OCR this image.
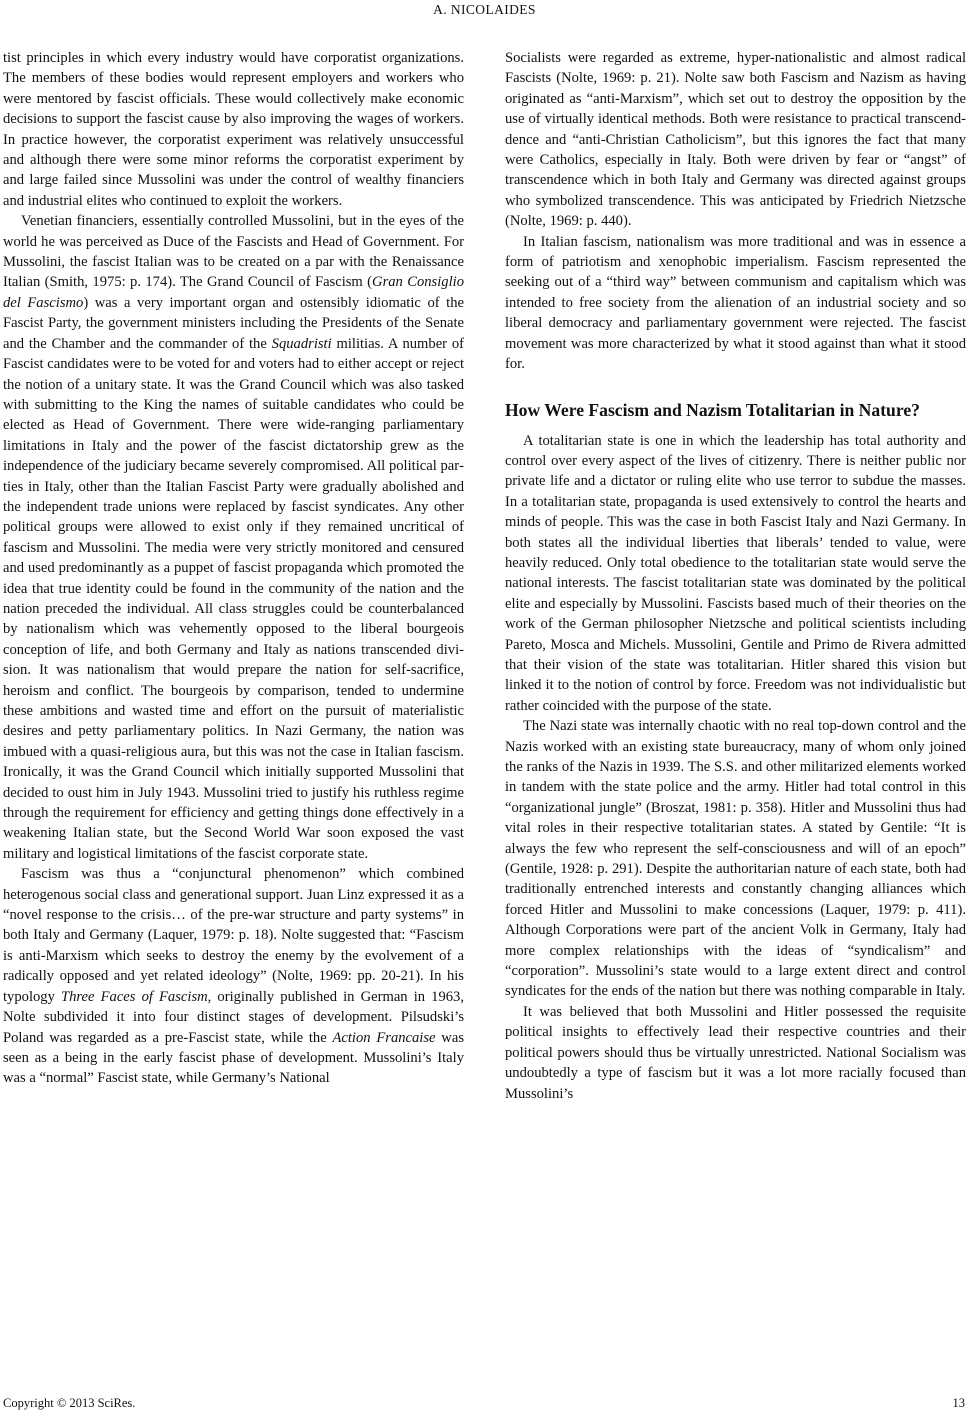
A. NICOLAIDES

tist principles in which every industry would have corporatist organizations. The members of these bodies would represent employers and workers who were mentored by fascist officials. These would collectively make economic decisions to support the fascist cause by also improving the wages of workers. In practice however, the corporatist experiment was relatively unsuccessful and although there were some minor reforms the corporatist experiment by and large failed since Mussolini was under the control of wealthy financiers and industrial elites who continued to exploit the workers.

Venetian financiers, essentially controlled Mussolini, but in the eyes of the world he was perceived as Duce of the Fascists and Head of Government. For Mussolini, the fascist Italian was to be created on a par with the Renaissance Italian (Smith, 1975: p. 174). The Grand Council of Fascism (Gran Consiglio del Fascismo) was a very important organ and ostensibly idiomatic of the Fascist Party, the government ministers including the Presidents of the Senate and the Chamber and the commander of the Squadristi militias. A number of Fascist candidates were to be voted for and voters had to either accept or reject the notion of a unitary state. It was the Grand Council which was also tasked with submitting to the King the names of suitable candidates who could be elected as Head of Government. There were wide-ranging parliamentary limitations in Italy and the power of the fascist dictatorship grew as the independence of the judiciary became severely compromised. All political parties in Italy, other than the Italian Fascist Party were gradually abolished and the independent trade unions were replaced by fascist syndicates. Any other political groups were allowed to exist only if they remained uncritical of fascism and Mussolini. The media were very strictly monitored and censured and used predominantly as a puppet of fascist propaganda which promoted the idea that true identity could be found in the community of the nation and the nation preceded the individual. All class struggles could be counterbalanced by nationalism which was vehemently opposed to the liberal bourgeois conception of life, and both Germany and Italy as nations transcended division. It was nationalism that would prepare the nation for self-sacrifice, heroism and conflict. The bourgeois by comparison, tended to undermine these ambitions and wasted time and effort on the pursuit of materialistic desires and petty parliamentary politics. In Nazi Germany, the nation was imbued with a quasi-religious aura, but this was not the case in Italian fascism. Ironically, it was the Grand Council which initially supported Mussolini that decided to oust him in July 1943. Mussolini tried to justify his ruthless regime through the requirement for efficiency and getting things done effectively in a weakening Italian state, but the Second World War soon exposed the vast military and logistical limitations of the fascist corporate state.

Fascism was thus a “conjunctural phenomenon” which combined heterogenous social class and generational support. Juan Linz expressed it as a “novel response to the crisis… of the pre-war structure and party systems” in both Italy and Germany (Laquer, 1979: p. 18). Nolte suggested that: “Fascism is anti-Marxism which seeks to destroy the enemy by the evolvement of a radically opposed and yet related ideology” (Nolte, 1969: pp. 20-21). In his typology Three Faces of Fascism, originally published in German in 1963, Nolte subdivided it into four distinct stages of development. Pilsudski’s Poland was regarded as a pre-Fascist state, while the Action Francaise was seen as a being in the early fascist phase of development. Mussolini’s Italy was a “normal” Fascist state, while Germany’s National

Socialists were regarded as extreme, hyper-nationalistic and almost radical Fascists (Nolte, 1969: p. 21). Nolte saw both Fascism and Nazism as having originated as “anti-Marxism”, which set out to destroy the opposition by the use of virtually identical methods. Both were resistance to practical transcenddence and “anti-Christian Catholicism”, but this ignores the fact that many were Catholics, especially in Italy. Both were driven by fear or “angst” of transcendence which in both Italy and Germany was directed against groups who symbolized transcendence. This was anticipated by Friedrich Nietzsche (Nolte, 1969: p. 440).

In Italian fascism, nationalism was more traditional and was in essence a form of patriotism and xenophobic imperialism. Fascism represented the seeking out of a “third way” between communism and capitalism which was intended to free society from the alienation of an industrial society and so liberal democracy and parliamentary government were rejected. The fascist movement was more characterized by what it stood against than what it stood for.

How Were Fascism and Nazism Totalitarian in Nature?

A totalitarian state is one in which the leadership has total authority and control over every aspect of the lives of citizenry. There is neither public nor private life and a dictator or ruling elite who use terror to subdue the masses. In a totalitarian state, propaganda is used extensively to control the hearts and minds of people. This was the case in both Fascist Italy and Nazi Germany. In both states all the individual liberties that liberals’ tended to value, were heavily reduced. Only total obedience to the totalitarian state would serve the national interests. The fascist totalitarian state was dominated by the political elite and especially by Mussolini. Fascists based much of their theories on the work of the German philosopher Nietzsche and political scientists including Pareto, Mosca and Michels. Mussolini, Gentile and Primo de Rivera admitted that their vision of the state was totalitarian. Hitler shared this vision but linked it to the notion of control by force. Freedom was not individualistic but rather coincided with the purpose of the state.

The Nazi state was internally chaotic with no real top-down control and the Nazis worked with an existing state bureaucracy, many of whom only joined the ranks of the Nazis in 1939. The S.S. and other militarized elements worked in tandem with the state police and the army. Hitler had total control in this “organizational jungle” (Broszat, 1981: p. 358). Hitler and Mussolini thus had vital roles in their respective totalitarian states. A stated by Gentile: “It is always the few who represent the self-consciousness and will of an epoch” (Gentile, 1928: p. 291). Despite the authoritarian nature of each state, both had traditionally entrenched interests and constantly changing alliances which forced Hitler and Mussolini to make concessions (Laquer, 1979: p. 411). Although Corporations were part of the ancient Volk in Germany, Italy had more complex relationships with the ideas of “syndicalism” and “corporation”. Mussolini’s state would to a large extent direct and control syndicates for the ends of the nation but there was nothing comparable in Italy.

It was believed that both Mussolini and Hitler possessed the requisite political insights to effectively lead their respective countries and their political powers should thus be virtually unrestricted. National Socialism was undoubtedly a type of fascism but it was a lot more racially focused than Mussolini’s

Copyright © 2013 SciRes.	13
